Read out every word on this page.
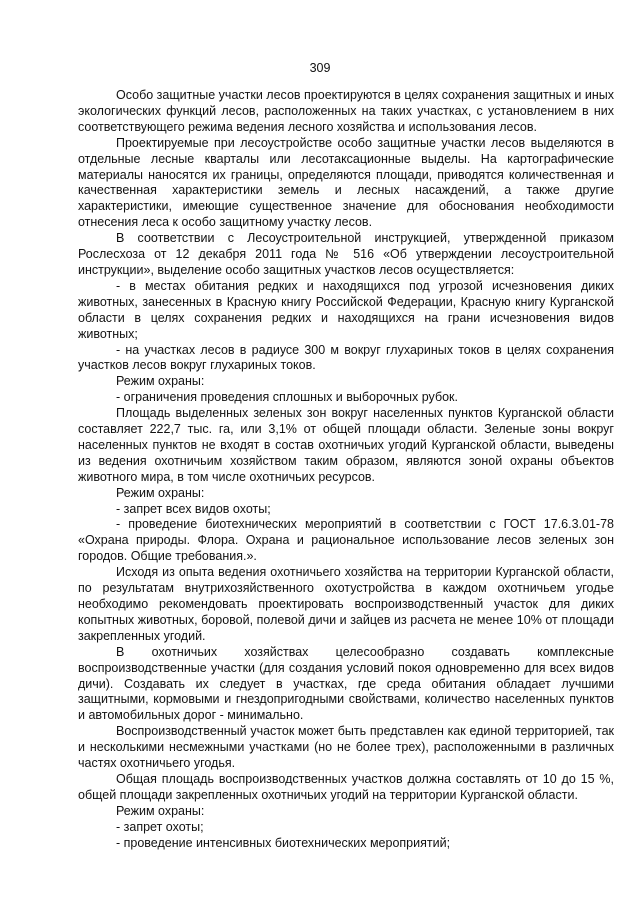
309

Особо защитные участки лесов проектируются в целях сохранения защитных и иных экологических функций лесов, расположенных на таких участках, с установлением в них соответствующего режима ведения лесного хозяйства и использования лесов.

Проектируемые при лесоустройстве особо защитные участки лесов выделяются в отдельные лесные кварталы или лесотаксационные выделы. На картографические материалы наносятся их границы, определяются площади, приводятся количественная и качественная характеристики земель и лесных насаждений, а также другие характеристики, имеющие существенное значение для обоснования необходимости отнесения леса к особо защитному участку лесов.

В соответствии с Лесоустроительной инструкцией, утвержденной приказом Рослесхоза от 12 декабря 2011 года № 516 «Об утверждении лесоустроительной инструкции», выделение особо защитных участков лесов осуществляется:

- в местах обитания редких и находящихся под угрозой исчезновения диких животных, занесенных в Красную книгу Российской Федерации, Красную книгу Курганской области в целях сохранения редких и находящихся на грани исчезновения видов животных;

- на участках лесов в радиусе 300 м вокруг глухариных токов в целях сохранения участков лесов вокруг глухариных токов.

Режим охраны:

- ограничения проведения сплошных и выборочных рубок.

Площадь выделенных зеленых зон вокруг населенных пунктов Курганской области составляет 222,7 тыс. га, или 3,1% от общей площади области. Зеленые зоны вокруг населенных пунктов не входят в состав охотничьих угодий Курганской области, выведены из ведения охотничьим хозяйством таким образом, являются зоной охраны объектов животного мира, в том числе охотничьих ресурсов.

Режим охраны:

- запрет всех видов охоты;

- проведение биотехнических мероприятий в соответствии с ГОСТ 17.6.3.01-78 «Охрана природы. Флора. Охрана и рациональное использование лесов зеленых зон городов. Общие требования.».

Исходя из опыта ведения охотничьего хозяйства на территории Курганской области, по результатам внутрихозяйственного охотустройства в каждом охотничьем угодье необходимо рекомендовать проектировать воспроизводственный участок для диких копытных животных, боровой, полевой дичи и зайцев из расчета не менее 10% от площади закрепленных угодий.

В охотничьих хозяйствах целесообразно создавать комплексные воспроизводственные участки (для создания условий покоя одновременно для всех видов дичи). Создавать их следует в участках, где среда обитания обладает лучшими защитными, кормовыми и гнездопригодными свойствами, количество населенных пунктов и автомобильных дорог - минимально.

Воспроизводственный участок может быть представлен как единой территорией, так и несколькими несмежными участками (но не более трех), расположенными в различных частях охотничьего угодья.

Общая площадь воспроизводственных участков должна составлять от 10 до 15 %, общей площади закрепленных охотничьих угодий на территории Курганской области.

Режим охраны:

- запрет охоты;

- проведение интенсивных биотехнических мероприятий;
